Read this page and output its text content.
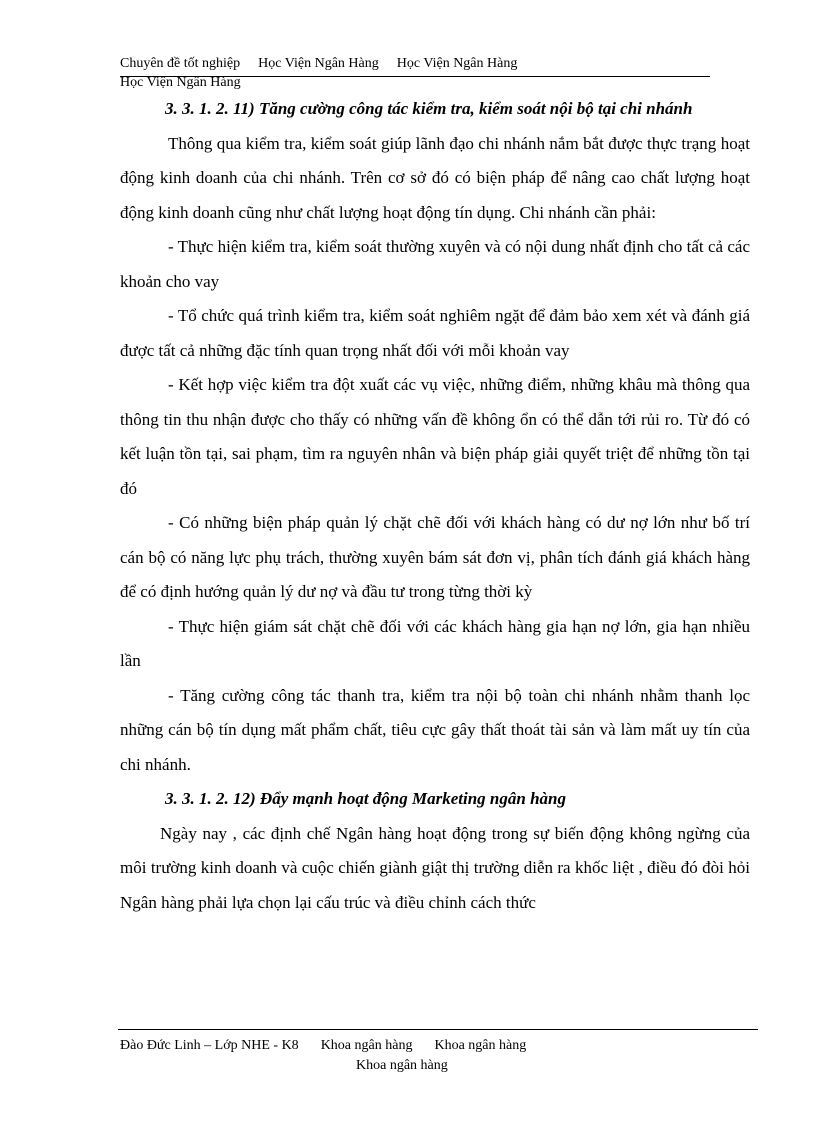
Chuyên đề tốt nghiệp Học Viện Ngân Hàng Học Viện Ngân Hàng
Học Viện Ngân Hàng

3. 3. 1. 2. 11) Tăng cường công tác kiểm tra, kiểm soát nội bộ tại chi nhánh

Thông qua kiểm tra, kiểm soát giúp lãnh đạo chi nhánh nắm bắt được thực trạng hoạt động kinh doanh của chi nhánh. Trên cơ sở đó có biện pháp để nâng cao chất lượng hoạt động kinh doanh cũng như chất lượng hoạt động tín dụng. Chi nhánh cần phải:

- Thực hiện kiểm tra, kiểm soát thường xuyên và có nội dung nhất định cho tất cả các khoản cho vay

- Tổ chức quá trình kiểm tra, kiểm soát nghiêm ngặt để đảm bảo xem xét và đánh giá được tất cả những đặc tính quan trọng nhất đối với mỗi khoản vay

- Kết hợp việc kiểm tra đột xuất các vụ việc, những điểm, những khâu mà thông qua thông tin thu nhận được cho thấy có những vấn đề không ổn có thể dẫn tới rủi ro. Từ đó có kết luận tồn tại, sai phạm, tìm ra nguyên nhân và biện pháp giải quyết triệt để những tồn tại đó

- Có những biện pháp quản lý chặt chẽ đối với khách hàng có dư nợ lớn như bố trí cán bộ có năng lực phụ trách, thường xuyên bám sát đơn vị, phân tích đánh giá khách hàng để có định hướng quản lý dư nợ và đầu tư trong từng thời kỳ

- Thực hiện giám sát chặt chẽ đối với các khách hàng gia hạn nợ lớn, gia hạn nhiều lần

- Tăng cường công tác thanh tra, kiểm tra nội bộ toàn chi nhánh nhằm thanh lọc những cán bộ tín dụng mất phẩm chất, tiêu cực gây thất thoát tài sản và làm mất uy tín của chi nhánh.

3. 3. 1. 2. 12) Đẩy mạnh hoạt động Marketing ngân hàng

Ngày nay , các định chế Ngân hàng hoạt động trong sự biến động không ngừng của môi trường kinh doanh và cuộc chiến giành giật thị trường diễn ra khốc liệt , điều đó đòi hỏi Ngân hàng phải lựa chọn lại cấu trúc và điều chỉnh cách thức

Đào Đức Linh – Lớp NHE - K8 Khoa ngân hàng Khoa ngân hàng
Khoa ngân hàng
